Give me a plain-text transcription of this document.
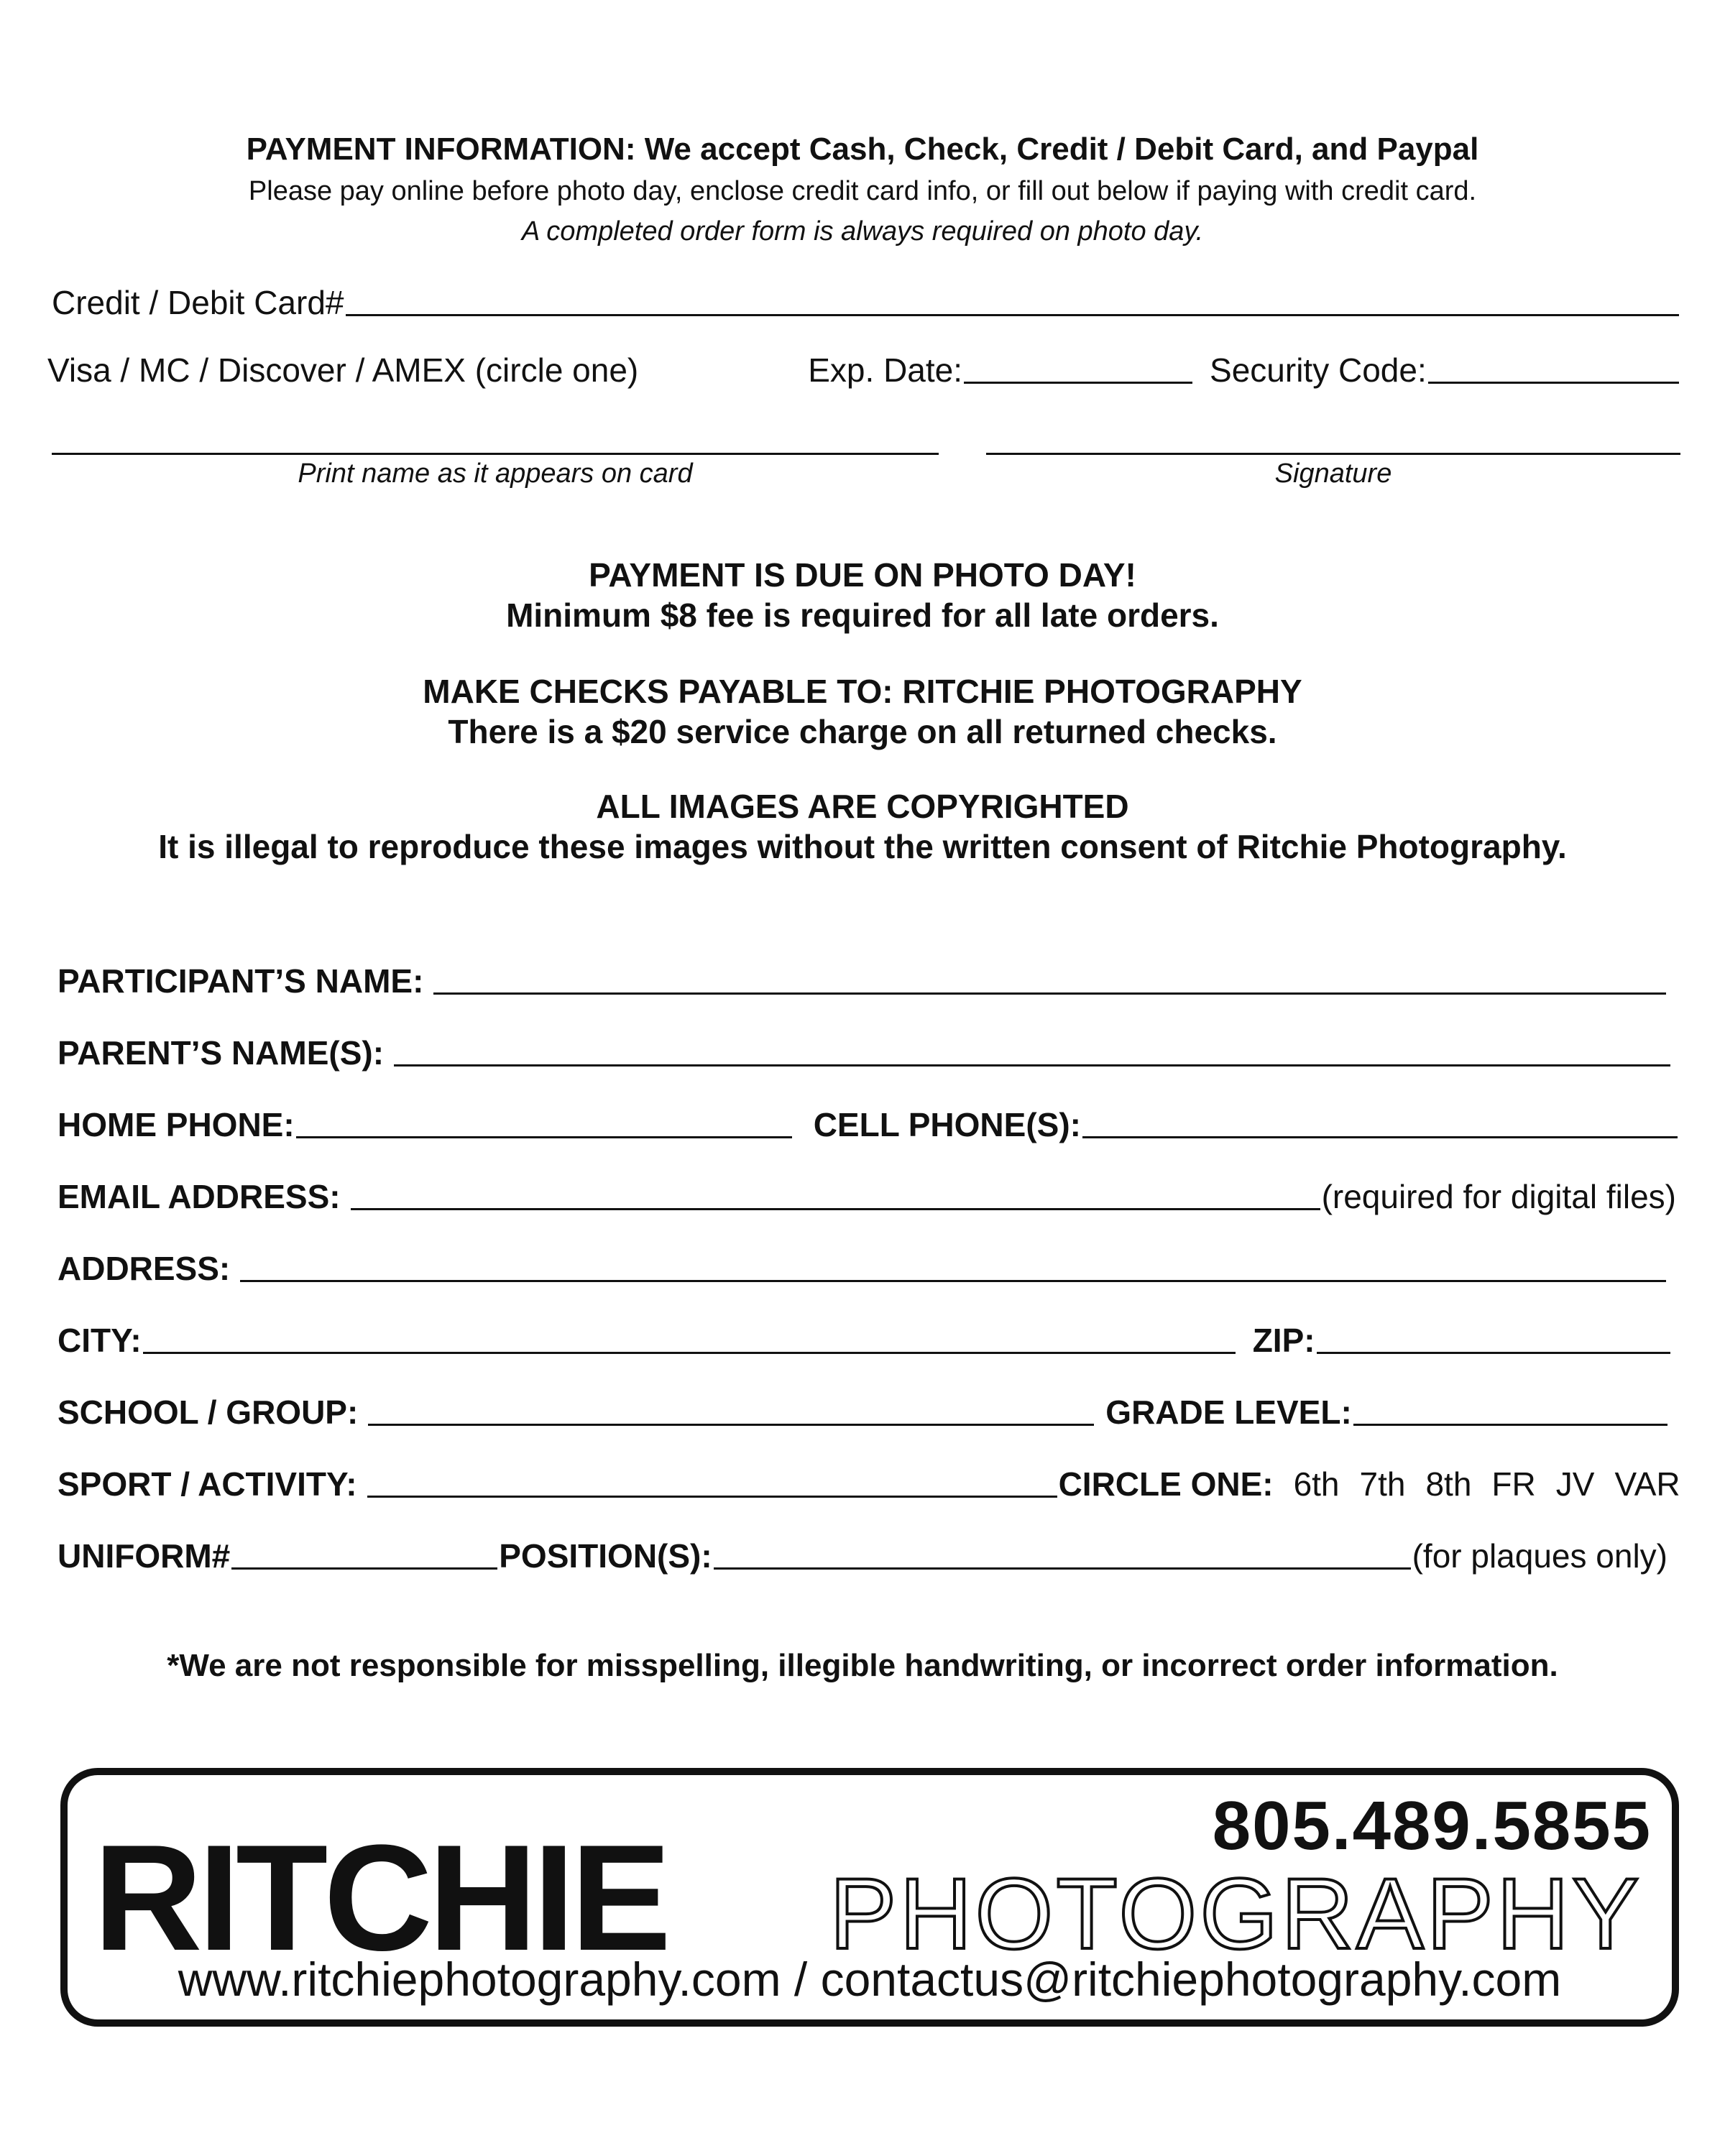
PAYMENT INFORMATION: We accept Cash, Check, Credit / Debit Card, and Paypal
Please pay online before photo day, enclose credit card info, or fill out below if paying with credit card.
A completed order form is always required on photo day.
Credit / Debit Card#
Visa / MC / Discover / AMEX (circle one)	Exp. Date:	Security Code:
Print name as it appears on card	Signature
PAYMENT IS DUE ON PHOTO DAY!
Minimum $8 fee is required for all late orders.
MAKE CHECKS PAYABLE TO: RITCHIE PHOTOGRAPHY
There is a $20 service charge on all returned checks.
ALL IMAGES ARE COPYRIGHTED
It is illegal to reproduce these images without the written consent of Ritchie Photography.
PARTICIPANT’S NAME:
PARENT’S NAME(S):
HOME PHONE:	CELL PHONE(S):
EMAIL ADDRESS:	(required for digital files)
ADDRESS:
CITY:	ZIP:
SCHOOL / GROUP:	GRADE LEVEL:
SPORT / ACTIVITY:	CIRCLE ONE: 6th 7th 8th FR JV VAR
UNIFORM#	POSITION(S):	(for plaques only)
*We are not responsible for misspelling, illegible handwriting, or incorrect order information.
805.489.5855
RITCHIE PHOTOGRAPHY
www.ritchiephotography.com / contactus@ritchiephotography.com
